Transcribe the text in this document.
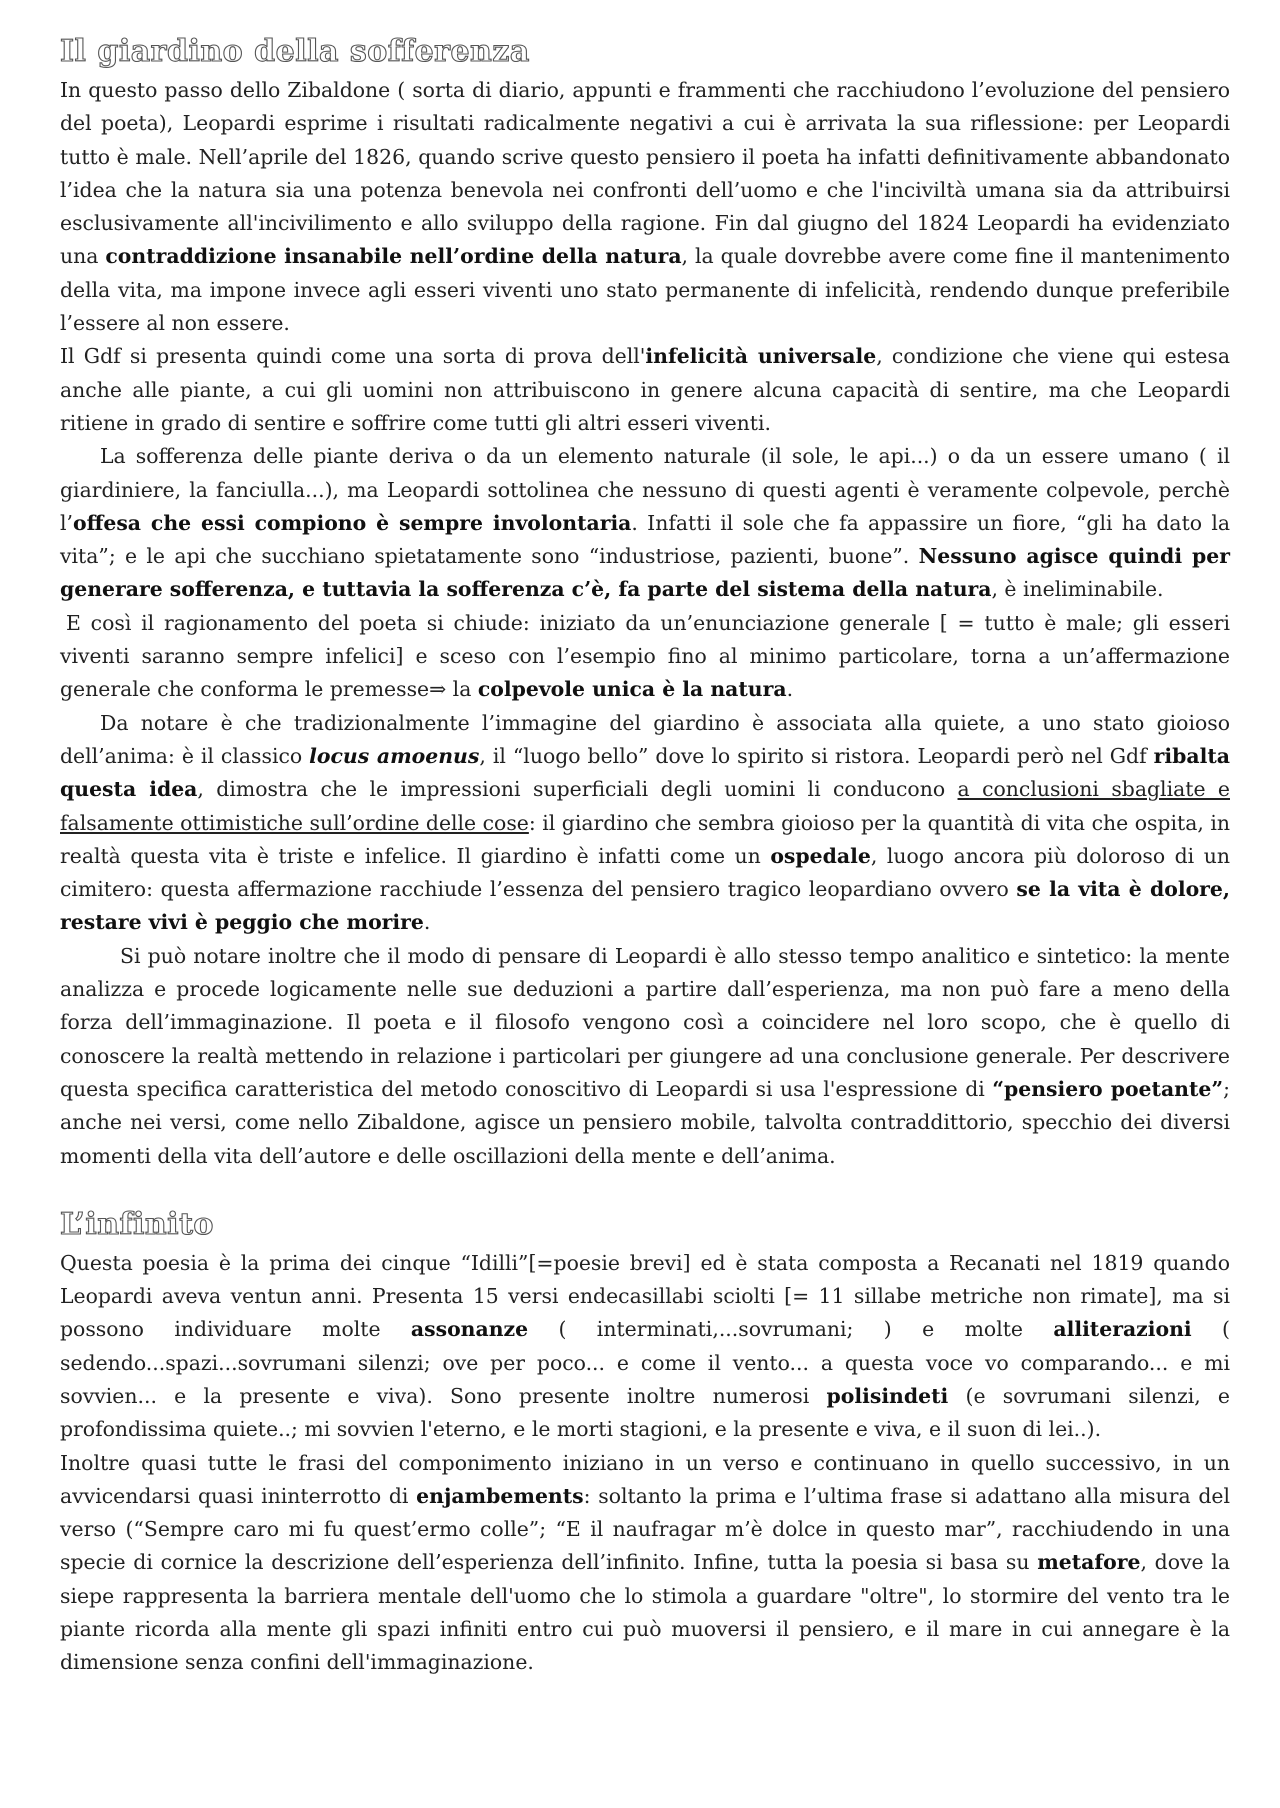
Il giardino della sofferenza

In questo passo dello Zibaldone ( sorta di diario, appunti e frammenti che racchiudono l’evoluzione del pensiero del poeta), Leopardi esprime i risultati radicalmente negativi a cui è arrivata la sua riflessione: per Leopardi tutto è male. Nell’aprile del 1826, quando scrive questo pensiero il poeta ha infatti definitivamente abbandonato l’idea che la natura sia una potenza benevola nei confronti dell’uomo e che l'inciviltà umana sia da attribuirsi esclusivamente all'incivilimento e allo sviluppo della ragione. Fin dal giugno del 1824 Leopardi ha evidenziato una contraddizione insanabile nell’ordine della natura, la quale dovrebbe avere come fine il mantenimento della vita, ma impone invece agli esseri viventi uno stato permanente di infelicità, rendendo dunque preferibile l’essere al non essere.

Il Gdf si presenta quindi come una sorta di prova dell'infelicità universale, condizione che viene qui estesa anche alle piante, a cui gli uomini non attribuiscono in genere alcuna capacità di sentire, ma che Leopardi ritiene in grado di sentire e soffrire come tutti gli altri esseri viventi.

La sofferenza delle piante deriva o da un elemento naturale (il sole, le api...) o da un essere umano ( il giardiniere, la fanciulla...), ma Leopardi sottolinea che nessuno di questi agenti è veramente colpevole, perchè l’offesa che essi compiono è sempre involontaria. Infatti il sole che fa appassire un fiore, “gli ha dato la vita”; e le api che succhiano spietatamente sono “industriose, pazienti, buone”. Nessuno agisce quindi per generare sofferenza, e tuttavia la sofferenza c’è, fa parte del sistema della natura, è ineliminabile.

E così il ragionamento del poeta si chiude: iniziato da un’enunciazione generale [ = tutto è male; gli esseri viventi saranno sempre infelici] e sceso con l’esempio fino al minimo particolare, torna a un’affermazione generale che conforma le premesse⇒ la colpevole unica è la natura.

Da notare è che tradizionalmente l’immagine del giardino è associata alla quiete, a uno stato gioioso dell’anima: è il classico locus amoenus, il “luogo bello” dove lo spirito si ristora. Leopardi però nel Gdf ribalta questa idea, dimostra che le impressioni superficiali degli uomini li conducono a conclusioni sbagliate e falsamente ottimistiche sull’ordine delle cose: il giardino che sembra gioioso per la quantità di vita che ospita, in realtà questa vita è triste e infelice. Il giardino è infatti come un ospedale, luogo ancora più doloroso di un cimitero: questa affermazione racchiude l’essenza del pensiero tragico leopardiano ovvero se la vita è dolore, restare vivi è peggio che morire.

Si può notare inoltre che il modo di pensare di Leopardi è allo stesso tempo analitico e sintetico: la mente analizza e procede logicamente nelle sue deduzioni a partire dall’esperienza, ma non può fare a meno della forza dell’immaginazione. Il poeta e il filosofo vengono così a coincidere nel loro scopo, che è quello di conoscere la realtà mettendo in relazione i particolari per giungere ad una conclusione generale. Per descrivere questa specifica caratteristica del metodo conoscitivo di Leopardi si usa l'espressione di “pensiero poetante”; anche nei versi, come nello Zibaldone, agisce un pensiero mobile, talvolta contraddittorio, specchio dei diversi momenti della vita dell’autore e delle oscillazioni della mente e dell’anima.

L’infinito

Questa poesia è la prima dei cinque “Idilli”[=poesie brevi] ed è stata composta a Recanati nel 1819 quando Leopardi aveva ventun anni. Presenta 15 versi endecasillabi sciolti [= 11 sillabe metriche non rimate], ma si possono individuare molte assonanze ( interminati,...sovrumani; ) e molte alliterazioni ( sedendo...spazi...sovrumani silenzi; ove per poco... e come il vento... a questa voce vo comparando... e mi sovvien... e la presente e viva). Sono presente inoltre numerosi polisindeti (e sovrumani silenzi, e profondissima quiete..; mi sovvien l'eterno, e le morti stagioni, e la presente e viva, e il suon di lei..).

Inoltre quasi tutte le frasi del componimento iniziano in un verso e continuano in quello successivo, in un avvicendarsi quasi ininterrotto di enjambements: soltanto la prima e l’ultima frase si adattano alla misura del verso (“Sempre caro mi fu quest’ermo colle”; “E il naufragar m’è dolce in questo mar”, racchiudendo in una specie di cornice la descrizione dell’esperienza dell’infinito. Infine, tutta la poesia si basa su metafore, dove la siepe rappresenta la barriera mentale dell'uomo che lo stimola a guardare "oltre", lo stormire del vento tra le piante ricorda alla mente gli spazi infiniti entro cui può muoversi il pensiero, e il mare in cui annegare è la dimensione senza confini dell'immaginazione.
